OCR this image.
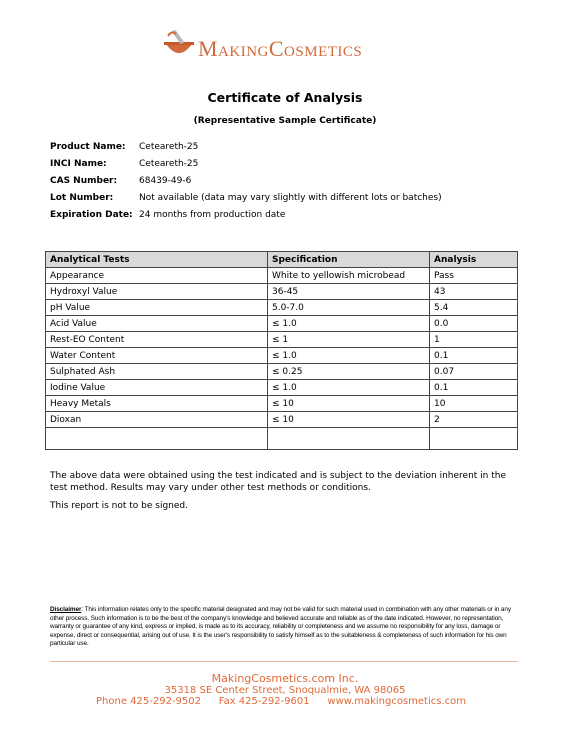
MakingCosmetics
Certificate of Analysis
(Representative Sample Certificate)
Product Name:	Ceteareth-25
INCI Name:	Ceteareth-25
CAS Number:	68439-49-6
Lot Number:	Not available (data may vary slightly with different lots or batches)
Expiration Date: 24 months from production date
Analytical Tests	Specification	Analysis
Appearance	White to yellowish microbead	Pass
Hydroxyl Value	36-45	43
pH Value	5.0-7.0	5.4
Acid Value	≤ 1.0	0.0
Rest-EO Content	≤ 1	1
Water Content	≤ 1.0	0.1
Sulphated Ash	≤ 0.25	0.07
Iodine Value	≤ 1.0	0.1
Heavy Metals	≤ 10	10
Dioxan	≤ 10	2

The above data were obtained using the test indicated and is subject to the deviation inherent in the test method. Results may vary under other test methods or conditions.
This report is not to be signed.
Disclaimer: This information relates only to the specific material designated and may not be valid for such material used in combination with any other materials or in any other process. Such information is to be the best of the company's knowledge and believed accurate and reliable as of the date indicated. However, no representation, warranty or guarantee of any kind, express or implied, is made as to its accuracy, reliability or completeness and we assume no responsibility for any loss, damage or expense, direct or consequential, arising out of use. It is the user's responsibility to satisfy himself as to the suitableness & completeness of such information for his own particular use.
MakingCosmetics.com Inc.
35318 SE Center Street, Snoqualmie, WA 98065
Phone 425-292-9502 Fax 425-292-9601 www.makingcosmetics.com
